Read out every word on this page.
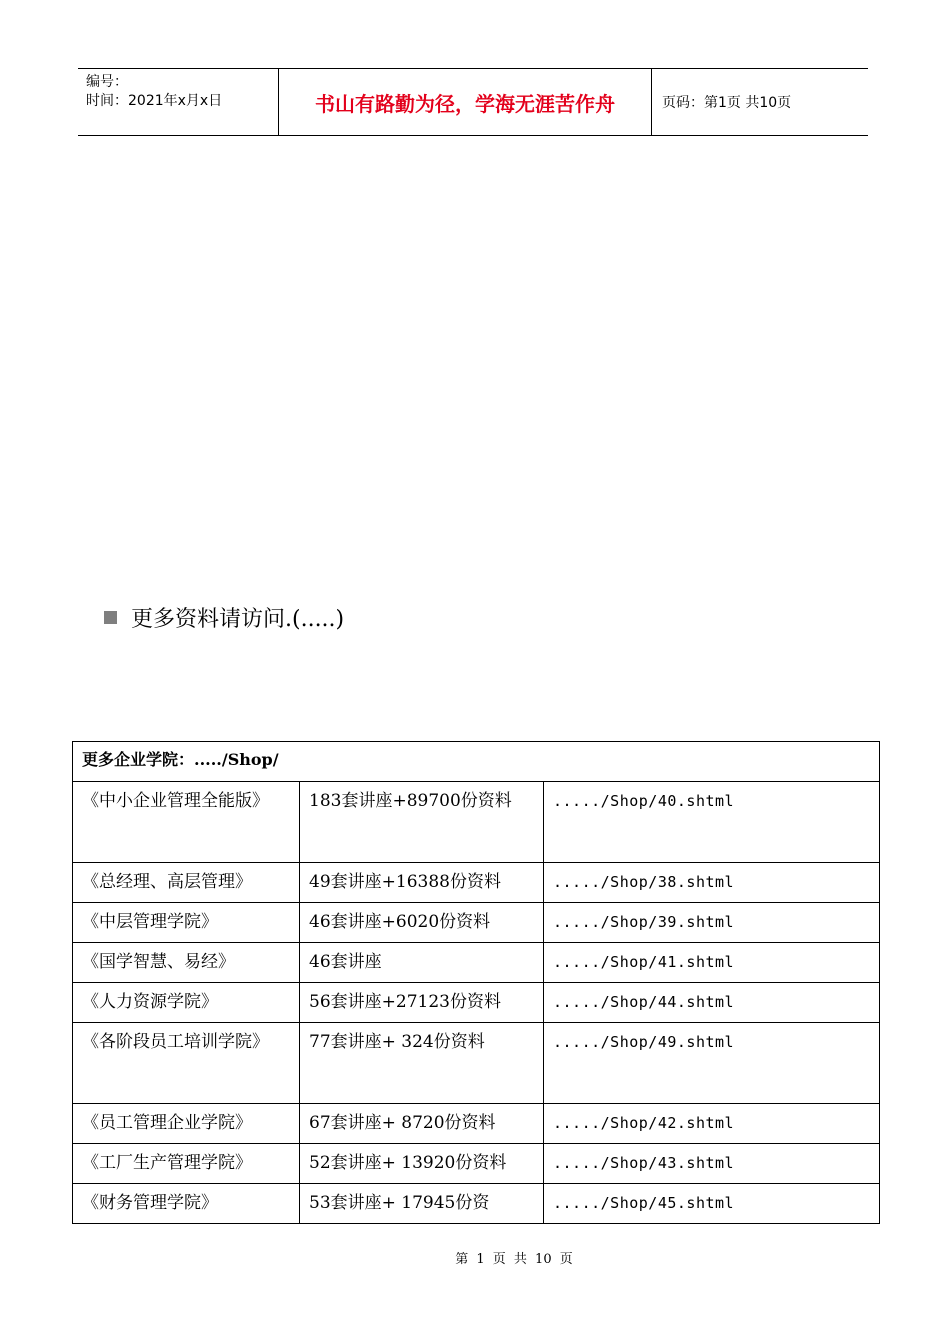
编号：
时间：2021年x月x日	书山有路勤为径，学海无涯苦作舟	页码：第1页 共10页
更多资料请访问.(.....)
更多企业学院：...../Shop/		
《中小企业管理全能版》	183套讲座+89700份资料	...../Shop/40.shtml
《总经理、高层管理》	49套讲座+16388份资料	...../Shop/38.shtml
《中层管理学院》	46套讲座+6020份资料	...../Shop/39.shtml
《国学智慧、易经》	46套讲座	...../Shop/41.shtml
《人力资源学院》	56套讲座+27123份资料	...../Shop/44.shtml
《各阶段员工培训学院》	77套讲座+ 324份资料	...../Shop/49.shtml
《员工管理企业学院》	67套讲座+ 8720份资料	...../Shop/42.shtml
《工厂生产管理学院》	52套讲座+ 13920份资料	...../Shop/43.shtml
《财务管理学院》	53套讲座+ 17945份资	...../Shop/45.shtml
第 1 页 共 10 页
